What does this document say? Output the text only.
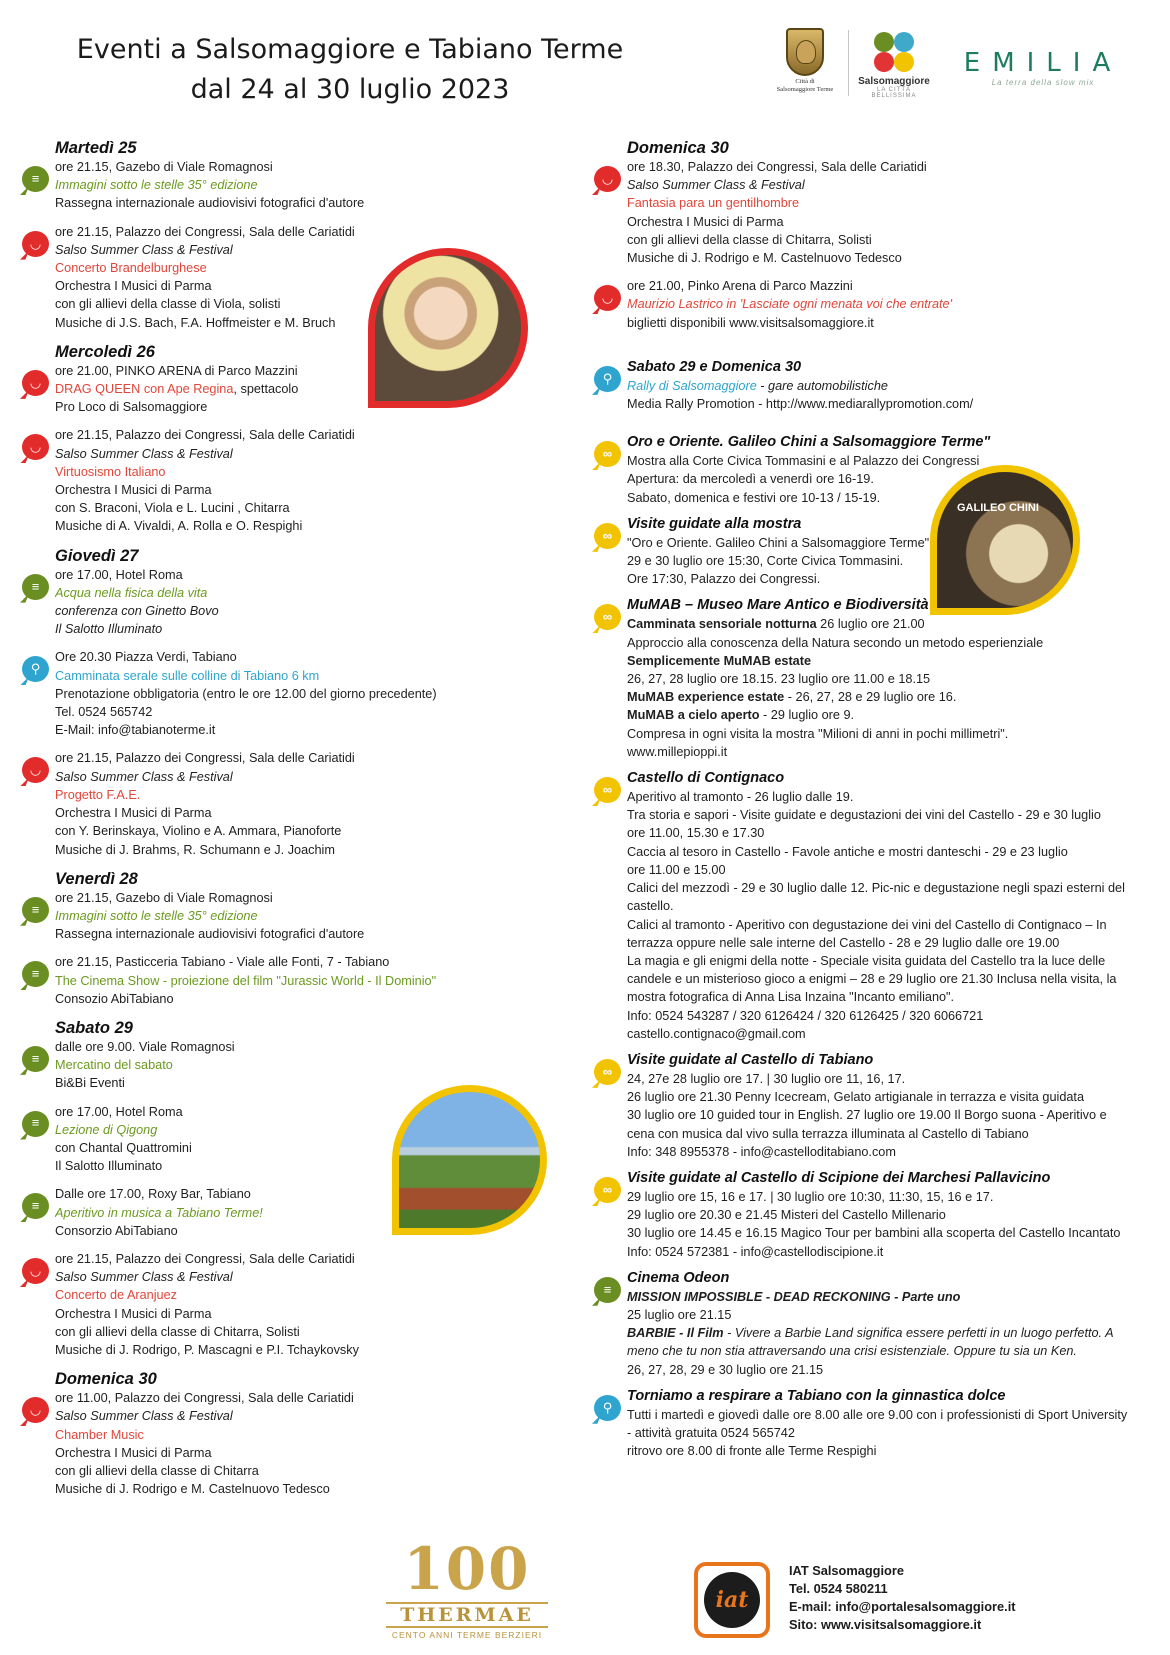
Eventi a Salsomaggiore e Tabiano Terme
dal 24 al 30 luglio 2023	Città di
Salsomaggiore Terme
Salsomaggiore
LA CITTÀ BELLISSIMA
EMILIA
La terra della slow mix
Martedì 25
≡
ore 21.15, Gazebo di Viale Romagnosi
Immagini sotto le stelle 35° edizione
Rassegna internazionale audiovisivi fotografici d'autore
◡
ore 21.15, Palazzo dei Congressi, Sala delle Cariatidi
Salso Summer Class & Festival
Concerto Brandelburghese
Orchestra I Musici di Parma
con gli allievi della classe di Viola, solisti
Musiche di J.S. Bach, F.A. Hoffmeister e M. Bruch
Mercoledì 26
◡
ore 21.00, PINKO ARENA di Parco Mazzini
DRAG QUEEN con Ape Regina, spettacolo
Pro Loco di Salsomaggiore
◡
ore 21.15, Palazzo dei Congressi, Sala delle Cariatidi
Salso Summer Class & Festival
Virtuosismo Italiano
Orchestra I Musici di Parma
con S. Braconi, Viola e L. Lucini , Chitarra
Musiche di A. Vivaldi, A. Rolla e O. Respighi
Giovedì 27
≡
ore 17.00, Hotel Roma
Acqua nella fisica della vita
conferenza con Ginetto Bovo
Il Salotto Illuminato
⚲
Ore 20.30 Piazza Verdi, Tabiano
Camminata serale sulle colline di Tabiano 6 km
Prenotazione obbligatoria (entro le ore 12.00 del giorno precedente)
Tel. 0524 565742
E-Mail: info@tabianoterme.it
◡
ore 21.15, Palazzo dei Congressi, Sala delle Cariatidi
Salso Summer Class & Festival
Progetto F.A.E.
Orchestra I Musici di Parma
con Y. Berinskaya, Violino e A. Ammara, Pianoforte
Musiche di J. Brahms, R. Schumann e J. Joachim
Venerdì 28
≡
ore 21.15, Gazebo di Viale Romagnosi
Immagini sotto le stelle 35° edizione
Rassegna internazionale audiovisivi fotografici d'autore
≡
ore 21.15, Pasticceria Tabiano - Viale alle Fonti, 7 - Tabiano
The Cinema Show - proiezione del film "Jurassic World - Il Dominio"
Consozio AbiTabiano
Sabato 29
≡
dalle ore 9.00. Viale Romagnosi
Mercatino del sabato
Bi&Bi Eventi
≡
ore 17.00, Hotel Roma
Lezione di Qigong
con Chantal Quattromini
Il Salotto Illuminato
≡
Dalle ore 17.00, Roxy Bar, Tabiano
Aperitivo in musica a Tabiano Terme!
Consorzio AbiTabiano
◡
ore 21.15, Palazzo dei Congressi, Sala delle Cariatidi
Salso Summer Class & Festival
Concerto de Aranjuez
Orchestra I Musici di Parma
con gli allievi della classe di Chitarra, Solisti
Musiche di J. Rodrigo, P. Mascagni e P.I. Tchaykovsky
Domenica 30
◡
ore 11.00, Palazzo dei Congressi, Sala delle Cariatidi
Salso Summer Class & Festival
Chamber Music
Orchestra I Musici di Parma
con gli allievi della classe di Chitarra
Musiche di J. Rodrigo e M. Castelnuovo Tedesco
Domenica 30
◡
ore 18.30, Palazzo dei Congressi, Sala delle Cariatidi
Salso Summer Class & Festival
Fantasia para un gentilhombre
Orchestra I Musici di Parma
con gli allievi della classe di Chitarra, Solisti
Musiche di J. Rodrigo e M. Castelnuovo Tedesco
◡
ore 21.00, Pinko Arena di Parco Mazzini
Maurizio Lastrico in 'Lasciate ogni menata voi che entrate'
biglietti disponibili www.visitsalsomaggiore.it
⚲
Sabato 29 e Domenica 30
Rally di Salsomaggiore - gare automobilistiche
Media Rally Promotion - http://www.mediarallypromotion.com/
∞
Oro e Oriente. Galileo Chini a Salsomaggiore Terme"
Mostra alla Corte Civica Tommasini e al Palazzo dei Congressi
Apertura: da mercoledì a venerdì ore 16-19.
Sabato, domenica e festivi ore 10-13 / 15-19.
∞
Visite guidate alla mostra
"Oro e Oriente. Galileo Chini a Salsomaggiore Terme"
29 e 30 luglio ore 15:30, Corte Civica Tommasini.
Ore 17:30, Palazzo dei Congressi.
∞
MuMAB – Museo Mare Antico e Biodiversità
Camminata sensoriale notturna 26 luglio ore 21.00
Approccio alla conoscenza della Natura secondo un metodo esperienziale
Semplicemente MuMAB estate
26, 27, 28 luglio ore 18.15. 23 luglio ore 11.00 e 18.15
MuMAB experience estate - 26, 27, 28 e 29 luglio ore 16.
MuMAB a cielo aperto - 29 luglio ore 9.
Compresa in ogni visita la mostra "Milioni di anni in pochi millimetri".
www.millepioppi.it
∞
Castello di Contignaco
Aperitivo al tramonto - 26 luglio dalle 19.
Tra storia e sapori - Visite guidate e degustazioni dei vini del Castello - 29 e 30 luglio
ore 11.00, 15.30 e 17.30
Caccia al tesoro in Castello - Favole antiche e mostri danteschi - 29 e 23 luglio
ore 11.00 e 15.00
Calici del mezzodì - 29 e 30 luglio dalle 12. Pic-nic e degustazione negli spazi esterni del
castello.
Calici al tramonto - Aperitivo con degustazione dei vini del Castello di Contignaco – In
terrazza oppure nelle sale interne del Castello - 28 e 29 luglio dalle ore 19.00
La magia e gli enigmi della notte - Speciale visita guidata del Castello tra la luce delle
candele e un misterioso gioco a enigmi – 28 e 29 luglio ore 21.30 Inclusa nella visita, la
mostra fotografica di Anna Lisa Inzaina "Incanto emiliano".
Info: 0524 543287 / 320 6126424 / 320 6126425 / 320 6066721
castello.contignaco@gmail.com
∞
Visite guidate al Castello di Tabiano
24, 27e 28 luglio ore 17. | 30 luglio ore 11, 16, 17.
26 luglio ore 21.30 Penny Icecream, Gelato artigianale in terrazza e visita guidata
30 luglio ore 10 guided tour in English. 27 luglio ore 19.00 Il Borgo suona - Aperitivo e
cena con musica dal vivo sulla terrazza illuminata al Castello di Tabiano
Info: 348 8955378 - info@castelloditabiano.com
∞
Visite guidate al Castello di Scipione dei Marchesi Pallavicino
29 luglio ore 15, 16 e 17. | 30 luglio ore 10:30, 11:30, 15, 16 e 17.
29 luglio ore 20.30 e 21.45 Misteri del Castello Millenario
30 luglio ore 14.45 e 16.15 Magico Tour per bambini alla scoperta del Castello Incantato
Info: 0524 572381 - info@castellodiscipione.it
≡
Cinema Odeon
MISSION IMPOSSIBLE - DEAD RECKONING - Parte uno
25 luglio ore 21.15
BARBIE - Il Film - Vivere a Barbie Land significa essere perfetti in un luogo perfetto. A
meno che tu non stia attraversando una crisi esistenziale. Oppure tu sia un Ken.
26, 27, 28, 29 e 30 luglio ore 21.15
⚲
Torniamo a respirare a Tabiano con la ginnastica dolce
Tutti i martedì e giovedì dalle ore 8.00 alle ore 9.00 con i professionisti di Sport University
- attività gratuita 0524 565742
ritrovo ore 8.00 di fronte alle Terme Respighi
GALILEO CHINI
100
THERMAE
CENTO ANNI TERME BERZIERI
iat
IAT Salsomaggiore
Tel. 0524 580211
E-mail: info@portalesalsomaggiore.it
Sito: www.visitsalsomaggiore.it
